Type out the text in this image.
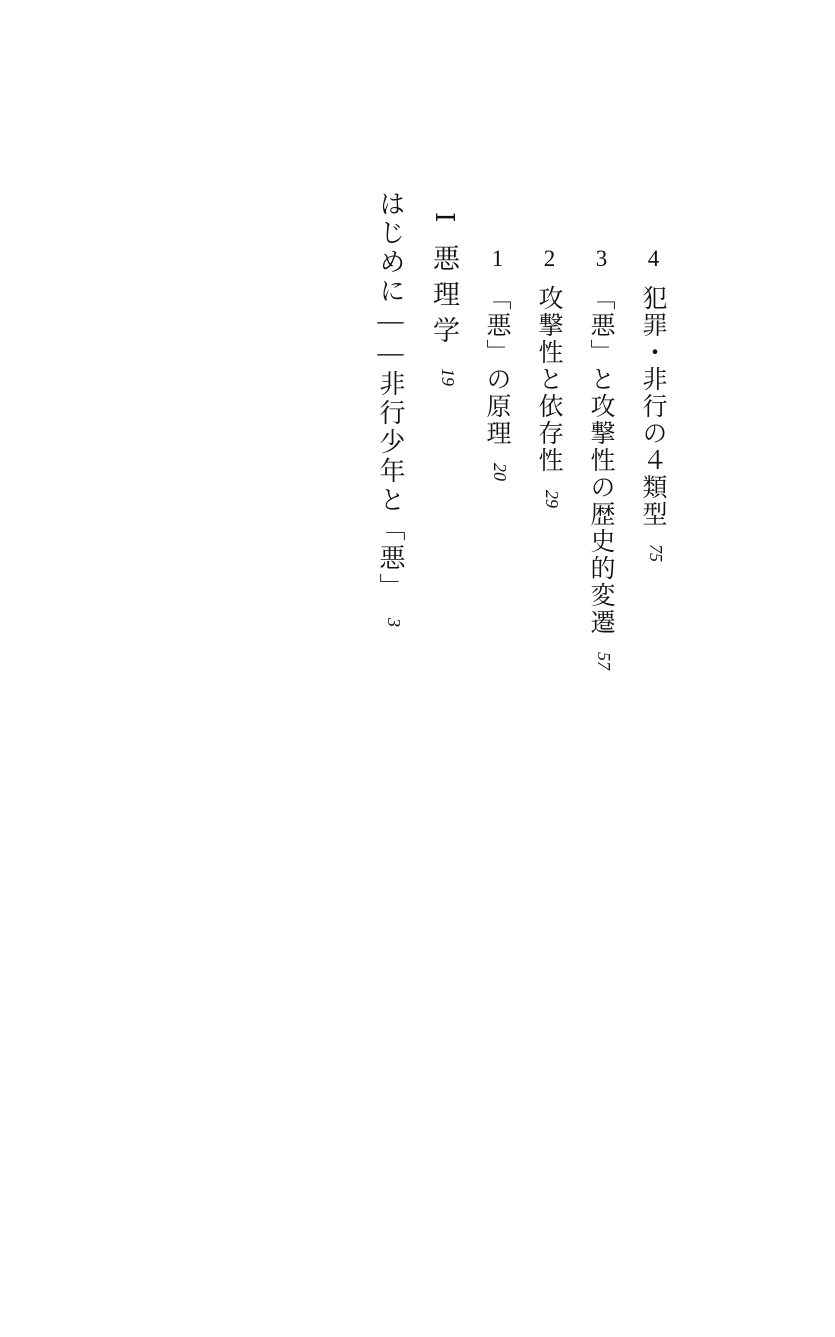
はじめに――非行少年と「悪」
3
Ⅰ
悪理学
19
1
「悪」の原理
20
2
攻撃性と依存性
29
3
「悪」と攻撃性の歴史的変遷
57
4
犯罪・非行の４類型
75
